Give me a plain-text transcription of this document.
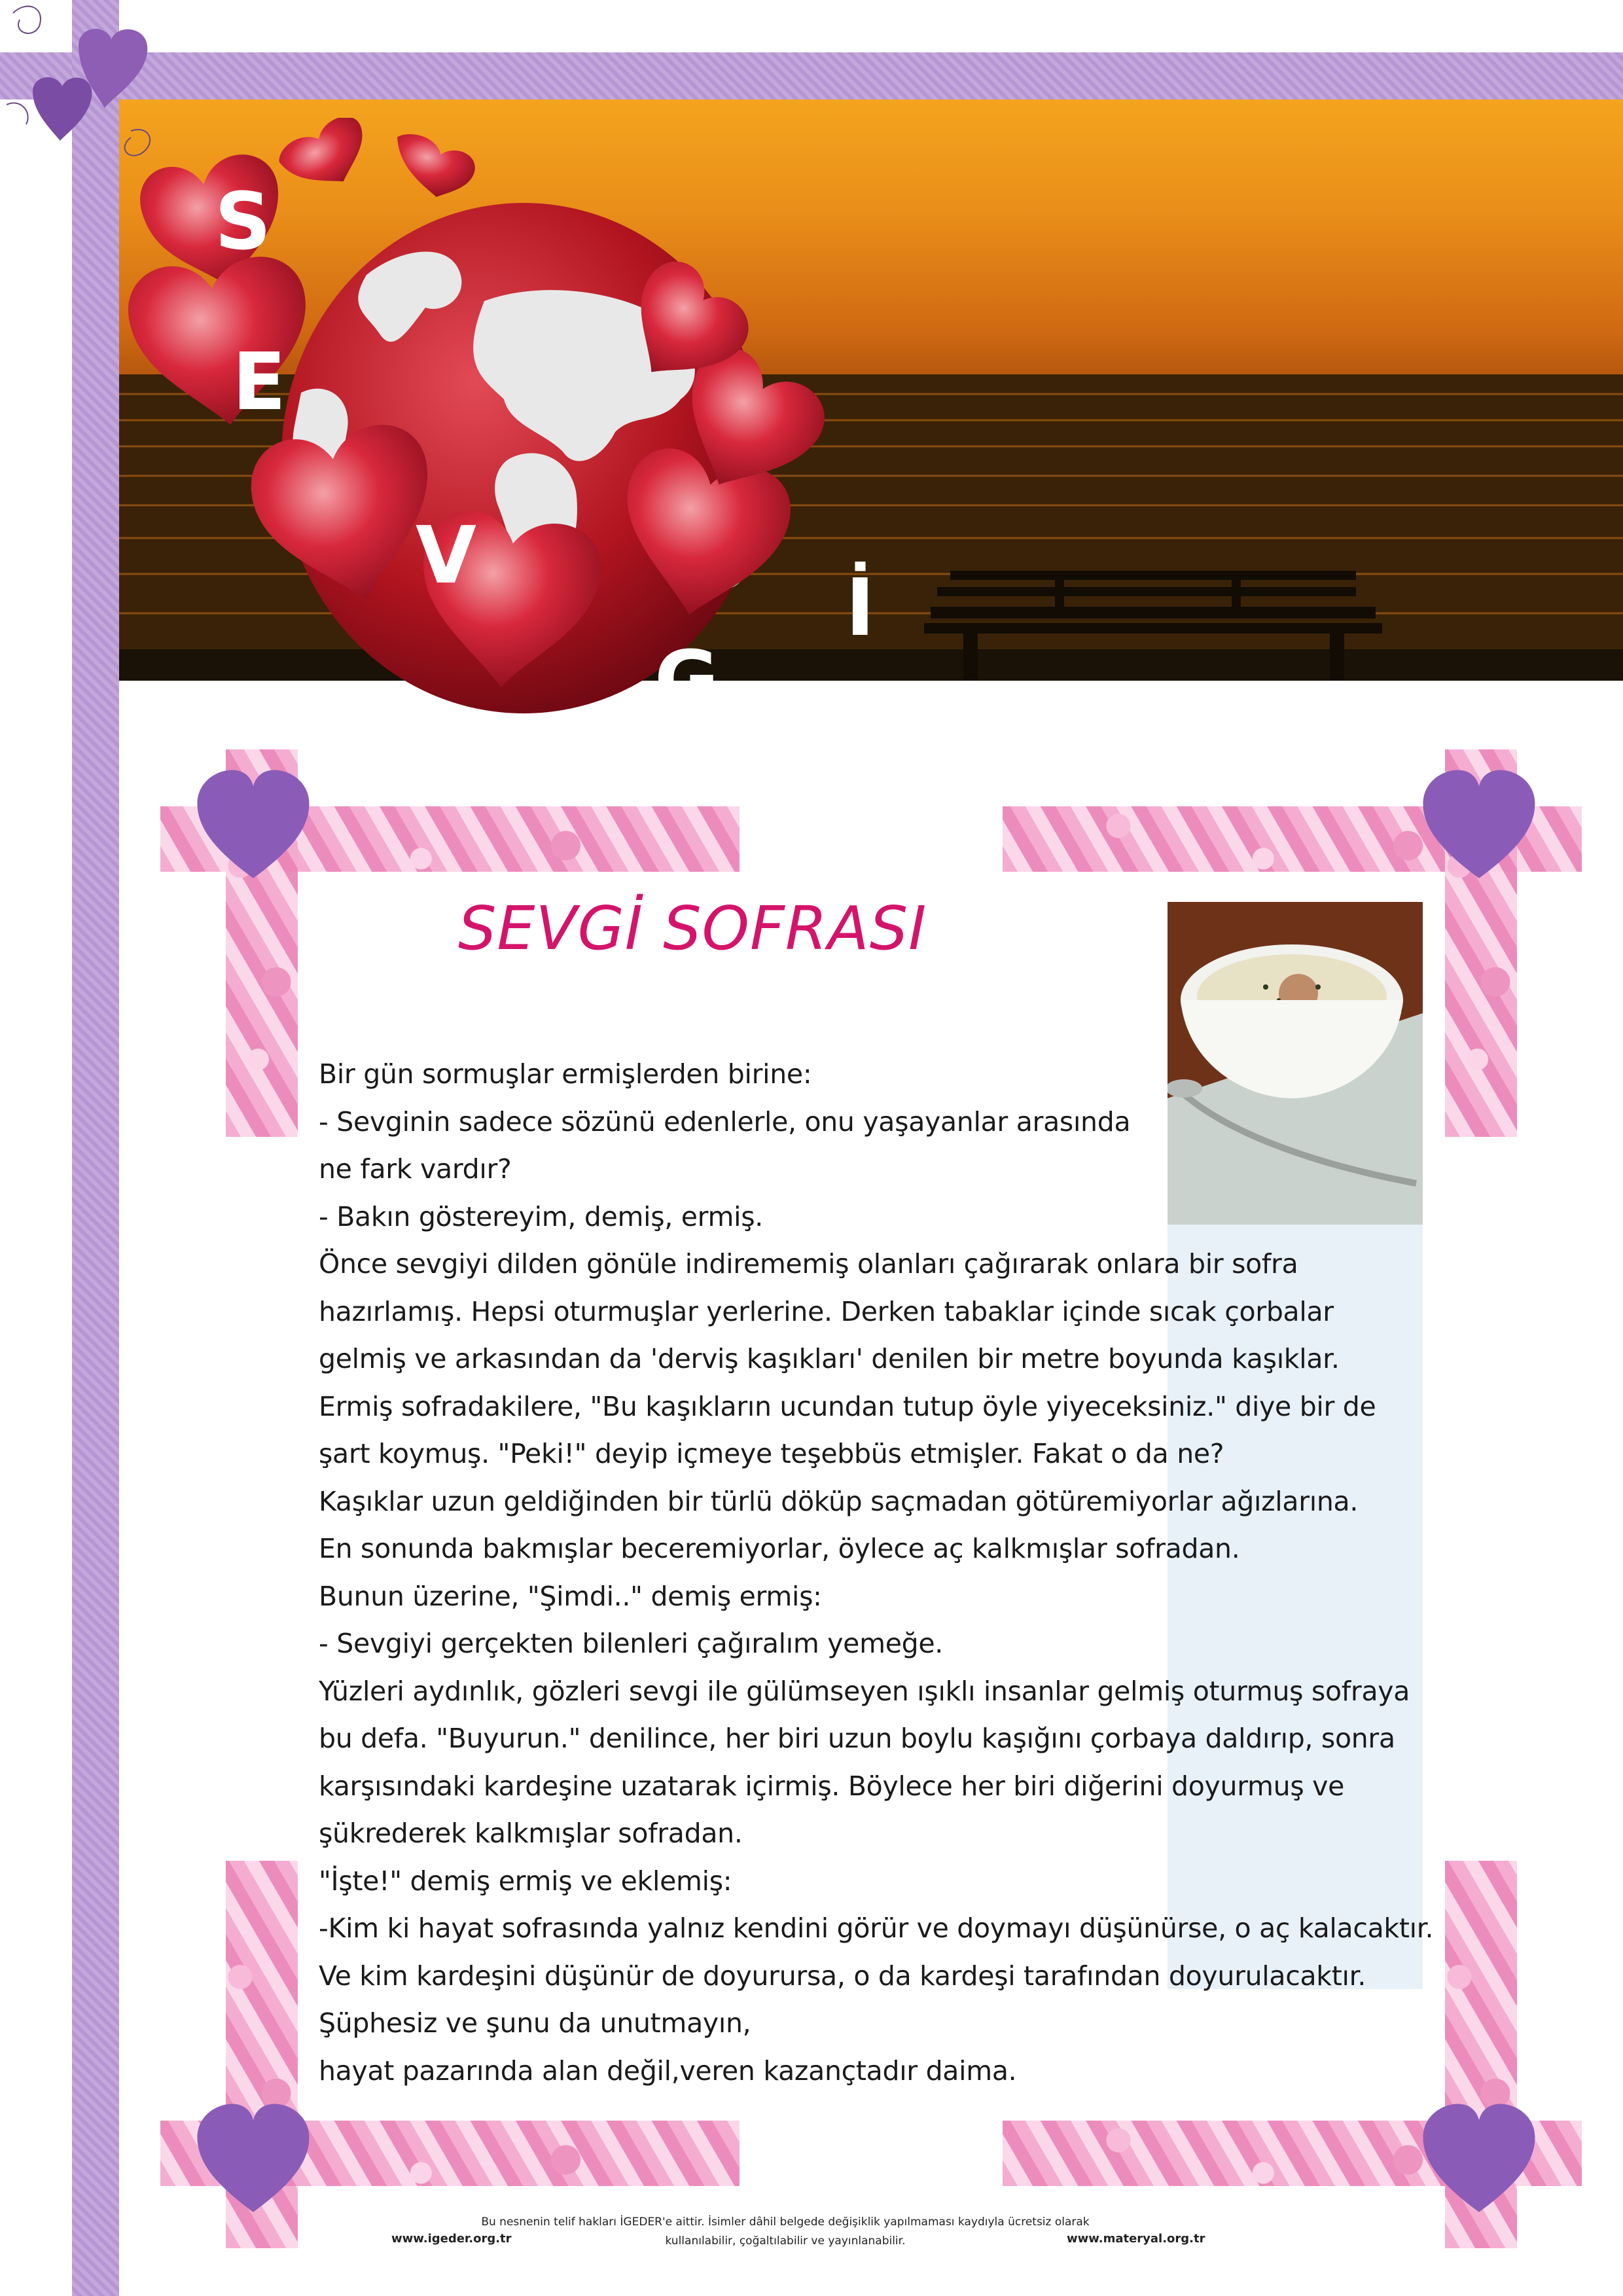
S
E
V
G
İ
SEVGİ SOFRASI

Bir gün sormuşlar ermişlerden birine:

- Sevginin sadece sözünü edenlerle, onu yaşayanlar arasında

ne fark vardır?

- Bakın göstereyim, demiş, ermiş.

Önce sevgiyi dilden gönüle indirememiş olanları çağırarak onlara bir sofra

hazırlamış. Hepsi oturmuşlar yerlerine. Derken tabaklar içinde sıcak çorbalar

gelmiş ve arkasından da 'derviş kaşıkları' denilen bir metre boyunda kaşıklar.

Ermiş sofradakilere, "Bu kaşıkların ucundan tutup öyle yiyeceksiniz." diye bir de

şart koymuş. "Peki!" deyip içmeye teşebbüs etmişler. Fakat o da ne?

Kaşıklar uzun geldiğinden bir türlü döküp saçmadan götüremiyorlar ağızlarına.

En sonunda bakmışlar beceremiyorlar, öylece aç kalkmışlar sofradan.

Bunun üzerine, "Şimdi.." demiş ermiş:

- Sevgiyi gerçekten bilenleri çağıralım yemeğe.

Yüzleri aydınlık, gözleri sevgi ile gülümseyen ışıklı insanlar gelmiş oturmuş sofraya

bu defa. "Buyurun." denilince, her biri uzun boylu kaşığını çorbaya daldırıp, sonra

karşısındaki kardeşine uzatarak içirmiş. Böylece her biri diğerini doyurmuş ve

şükrederek kalkmışlar sofradan.

"İşte!" demiş ermiş ve eklemiş:

-Kim ki hayat sofrasında yalnız kendini görür ve doymayı düşünürse, o aç kalacaktır.

Ve kim kardeşini düşünür de doyurursa, o da kardeşi tarafından doyurulacaktır.

Şüphesiz ve şunu da unutmayın,

hayat pazarında alan değil,veren kazançtadır daima.

Bu nesnenin telif hakları İGEDER'e aittir. İsimler dâhil belgede değişiklik yapılmaması kaydıyla ücretsiz olarak
kullanılabilir, çoğaltılabilir ve yayınlanabilir.
www.igeder.org.tr	www.materyal.org.tr
